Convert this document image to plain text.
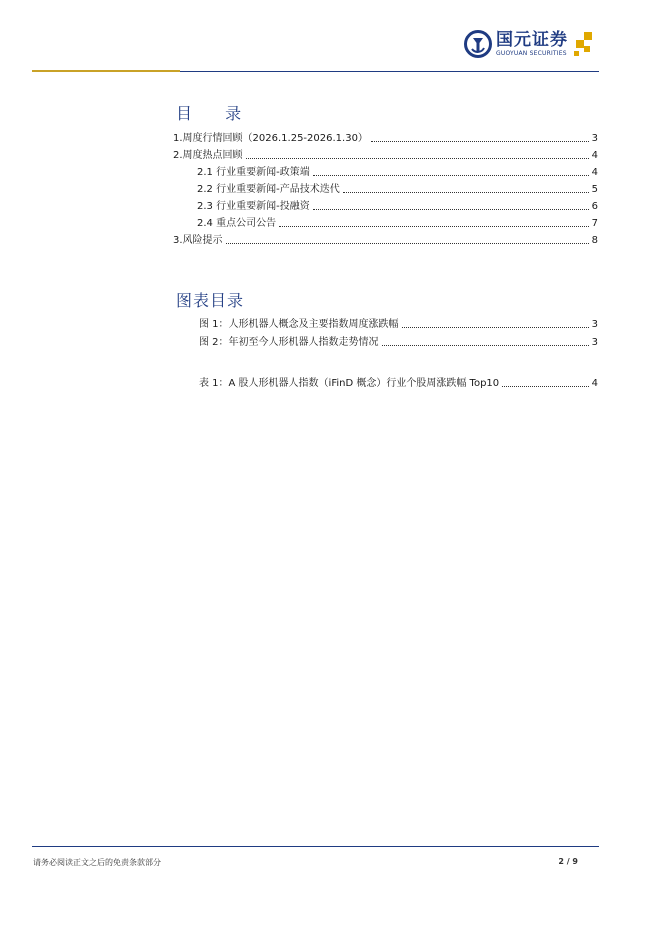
国元证券
GUOYUAN SECURITIES
目 录
1.周度行情回顾（2026.1.25-2026.1.30）	3
2.周度热点回顾	4
2.1 行业重要新闻-政策端	4
2.2 行业重要新闻-产品技术迭代	5
2.3 行业重要新闻-投融资	6
2.4 重点公司公告	7
3.风险提示	8
图表目录
图 1：人形机器人概念及主要指数周度涨跌幅	3
图 2：年初至今人形机器人指数走势情况	3
表 1：A 股人形机器人指数（iFinD 概念）行业个股周涨跌幅 Top10	4
请务必阅读正文之后的免责条款部分	2 / 9
